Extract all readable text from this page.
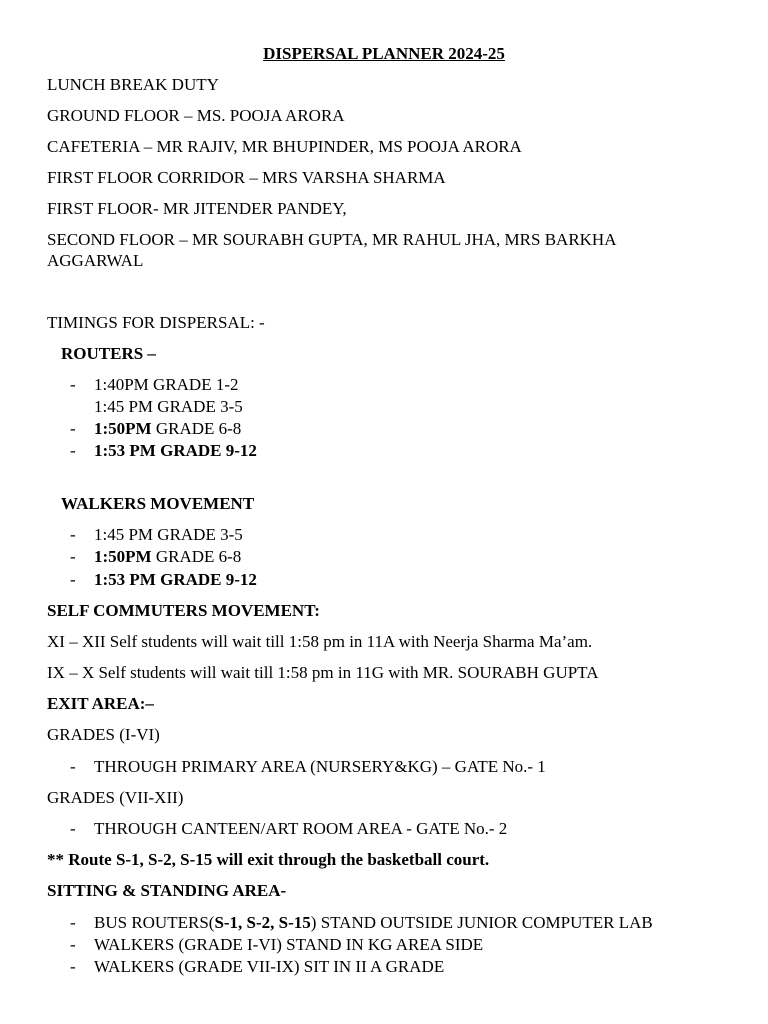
DISPERSAL PLANNER 2024-25
LUNCH BREAK DUTY
GROUND FLOOR – MS. POOJA ARORA
CAFETERIA – MR RAJIV, MR BHUPINDER, MS POOJA ARORA
FIRST FLOOR CORRIDOR – MRS VARSHA SHARMA
FIRST FLOOR- MR JITENDER PANDEY,
SECOND FLOOR – MR SOURABH GUPTA, MR RAHUL JHA, MRS BARKHA
AGGARWAL
TIMINGS FOR DISPERSAL: -
ROUTERS –
- 1:40PM GRADE 1-2
1:45 PM GRADE 3-5
- 1:50PM GRADE 6-8
- 1:53 PM GRADE 9-12
WALKERS MOVEMENT
- 1:45 PM GRADE 3-5
- 1:50PM GRADE 6-8
- 1:53 PM GRADE 9-12
SELF COMMUTERS MOVEMENT:
XI – XII Self students will wait till 1:58 pm in 11A with Neerja Sharma Ma’am.
IX – X Self students will wait till 1:58 pm in 11G with MR. SOURABH GUPTA
EXIT AREA:–
GRADES (I-VI)
- THROUGH PRIMARY AREA (NURSERY&KG) – GATE No.- 1
GRADES (VII-XII)
- THROUGH CANTEEN/ART ROOM AREA - GATE No.- 2
** Route S-1, S-2, S-15 will exit through the basketball court.
SITTING & STANDING AREA-
- BUS ROUTERS(S-1, S-2, S-15) STAND OUTSIDE JUNIOR COMPUTER LAB
- WALKERS (GRADE I-VI) STAND IN KG AREA SIDE
- WALKERS (GRADE VII-IX) SIT IN II A GRADE
